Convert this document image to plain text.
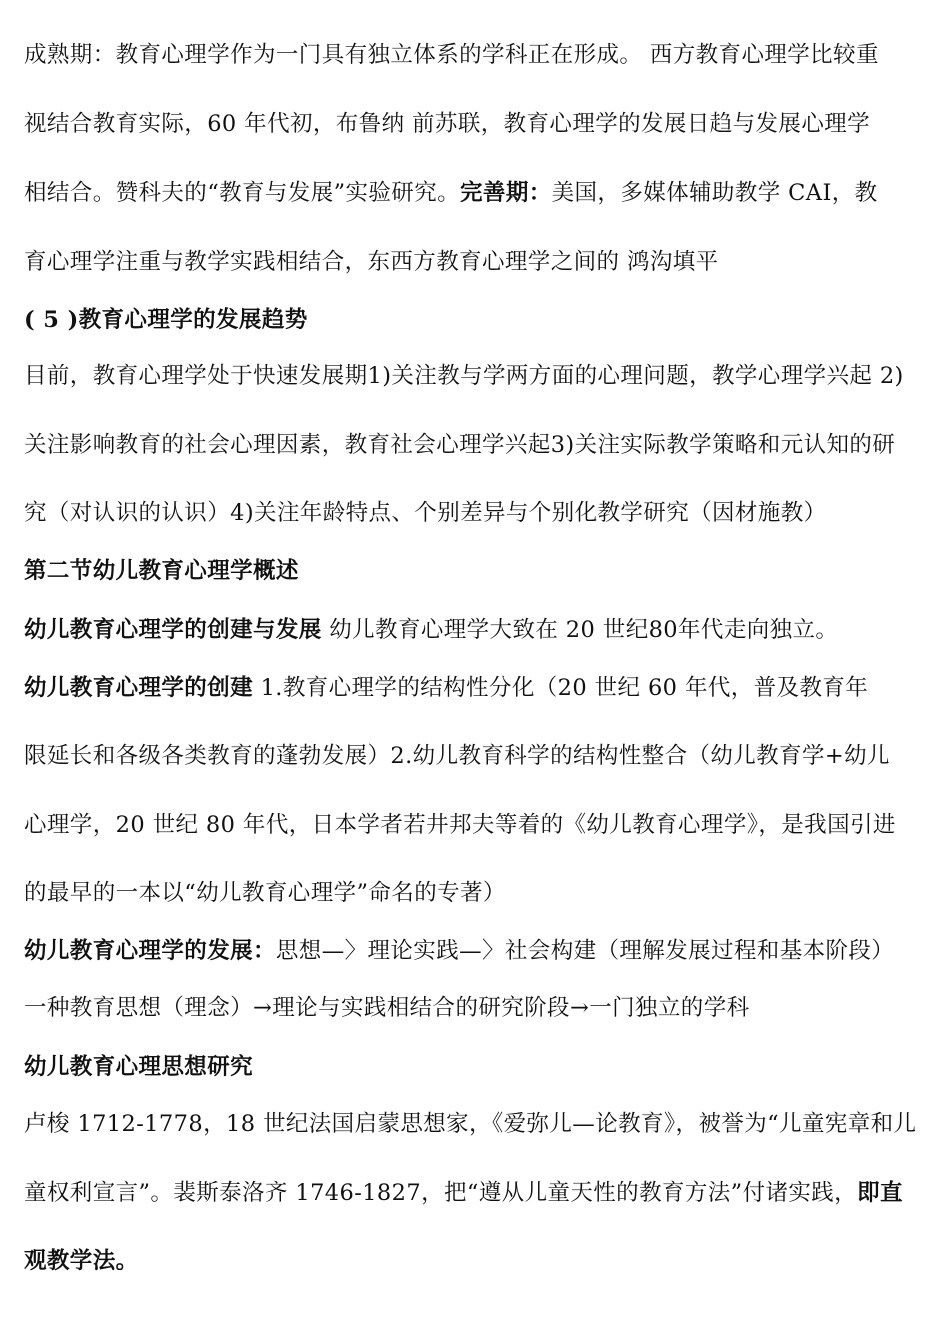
成熟期：教育心理学作为一门具有独立体系的学科正在形成。 西方教育心理学比较重
视结合教育实际，60 年代初，布鲁纳 前苏联，教育心理学的发展日趋与发展心理学
相结合。赞科夫的“教育与发展”实验研究。完善期：美国，多媒体辅助教学 CAI，教
育心理学注重与教学实践相结合，东西方教育心理学之间的 鸿沟填平
( 5 )教育心理学的发展趋势
目前，教育心理学处于快速发展期1)关注教与学两方面的心理问题，教学心理学兴起 2)
关注影响教育的社会心理因素，教育社会心理学兴起3)关注实际教学策略和元认知的研
究（对认识的认识）4)关注年龄特点、个别差异与个别化教学研究（因材施教）
第二节幼儿教育心理学概述
幼儿教育心理学的创建与发展 幼儿教育心理学大致在 20 世纪80年代走向独立。
幼儿教育心理学的创建 1.教育心理学的结构性分化（20 世纪 60 年代，普及教育年
限延长和各级各类教育的蓬勃发展）2.幼儿教育科学的结构性整合（幼儿教育学+幼儿
心理学，20 世纪 80 年代，日本学者若井邦夫等着的《幼儿教育心理学》，是我国引进
的最早的一本以“幼儿教育心理学”命名的专著）
幼儿教育心理学的发展：思想—〉理论实践—〉社会构建（理解发展过程和基本阶段）
一种教育思想（理念）→理论与实践相结合的研究阶段→一门独立的学科
幼儿教育心理思想研究
卢梭 1712-1778，18 世纪法国启蒙思想家，《爱弥儿—论教育》，被誉为“儿童宪章和儿
童权利宣言”。裴斯泰洛齐 1746-1827，把“遵从儿童天性的教育方法”付诸实践，即直
观教学法。
